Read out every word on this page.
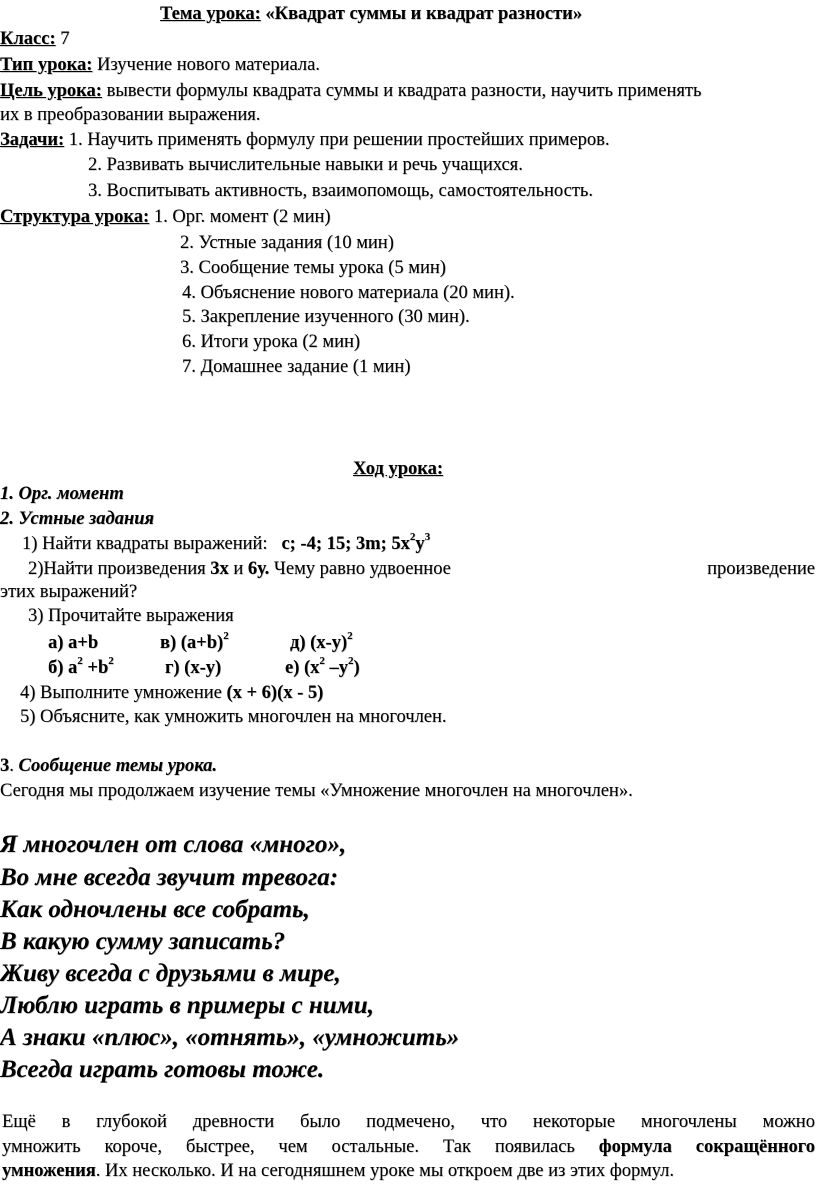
Тема урока: «Квадрат суммы и квадрат разности»
Класс: 7
Тип урока: Изучение нового материала.
Цель урока: вывести формулы квадрата суммы и квадрата разности, научить применять
их в преобразовании выражения.
Задачи: 1. Научить применять формулу при решении простейших примеров.
2. Развивать вычислительные навыки и речь учащихся.
3. Воспитывать активность, взаимопомощь, самостоятельность.
Структура урока: 1. Орг. момент (2 мин)
2. Устные задания (10 мин)
3. Сообщение темы урока (5 мин)
4. Объяснение нового материала (20 мин).
5. Закрепление изученного (30 мин).
6. Итоги урока (2 мин)
7. Домашнее задание (1 мин)
Ход урока:
1. Орг. момент
2. Устные задания
1) Найти квадраты выражений: с; -4; 15; 3m; $5x^2y^3$
2)Найти произведения 3х и 6у. Чему равно удвоенное	произведение
этих выражений?
3) Прочитайте выражения
а) a+b	в) $(a+b)^2$	д) $(x-y)^2$
б) $a^2 +b^2$	г) (x-y)	е) ($x^2$ $-y^2$)
4) Выполните умножение (х + 6)(х - 5)
5) Объясните, как умножить многочлен на многочлен.
3. Сообщение темы урока.
Сегодня мы продолжаем изучение темы «Умножение многочлен на многочлен».
Я многочлен от слова «много»,
Во мне всегда звучит тревога:
Как одночлены все собрать,
В какую сумму записать?
Живу всегда с друзьями в мире,
Люблю играть в примеры с ними,
А знаки «плюс», «отнять», «умножить»
Всегда играть готовы тоже.
Ещё в глубокой древности было подмечено, что некоторые многочлены можно
умножить короче, быстрее, чем остальные. Так появилась формула сокращённого
умножения. Их несколько. И на сегодняшнем уроке мы откроем две из этих формул.
